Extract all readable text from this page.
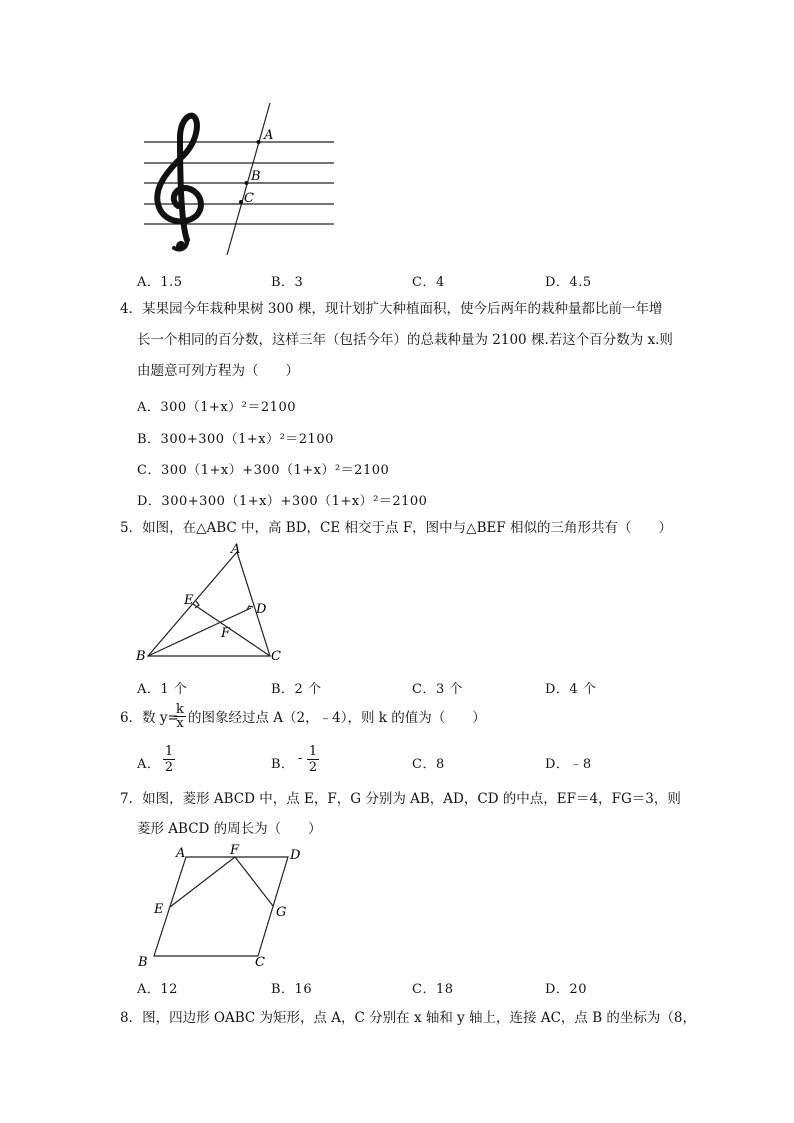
A
B
C
A．1.5	B．3	C．4	D．4.5
4．某果园今年栽种果树 300 棵，现计划扩大种植面积，使今后两年的栽种量都比前一年增
长一个相同的百分数，这样三年（包括今年）的总栽种量为 2100 棵.若这个百分数为 x.则
由题意可列方程为（　　）
A．300（1+x）²＝2100
B．300+300（1+x）²＝2100
C．300（1+x）+300（1+x）²＝2100
D．300+300（1+x）+300（1+x）²＝2100
5．如图，在△ABC 中，高 BD，CE 相交于点 F，图中与△BEF 相似的三角形共有（　　）
A
E
D
F
B	C
A．1 个	B．2 个	C．3 个	D．4 个
6．数 y=
$\frac{k}{x}$ 的图象经过点 A（2，﹣4），则 k 的值为（　　）
A． $\frac{1}{2}$	B． - $\frac{1}{2}$	C．8	D．﹣8
7．如图，菱形 ABCD 中，点 E，F，G 分别为 AB，AD，CD 的中点，EF＝4，FG＝3，则
菱形 ABCD 的周长为（　　）
A	F	D
E	G
B	C
A．12	B．16	C．18	D．20
8．图，四边形 OABC 为矩形，点 A，C 分别在 x 轴和 y 轴上，连接 AC，点 B 的坐标为（8，
